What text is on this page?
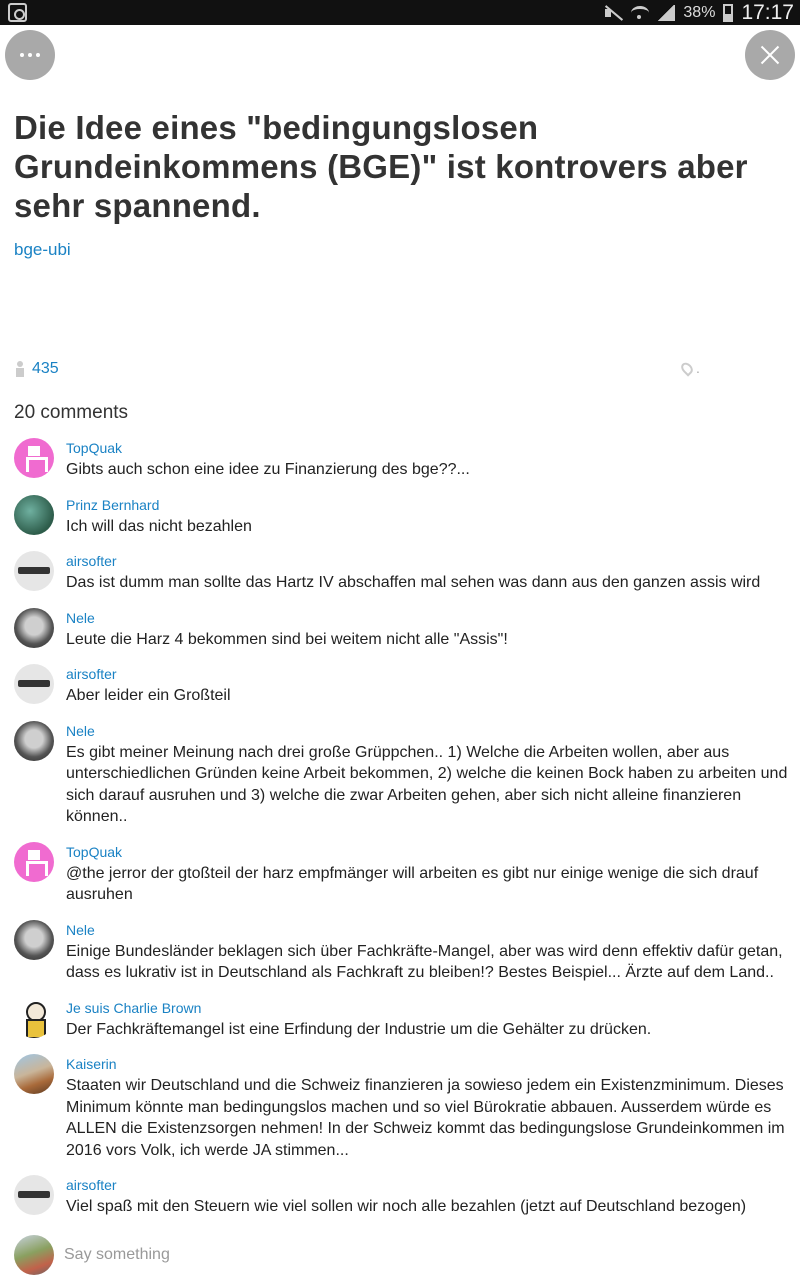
38% 17:17
Die Idee eines "bedingungslosen Grundeinkommens (BGE)" ist kontrovers aber sehr spannend.
bge-ubi
435	.
20 comments
TopQuak
Gibts auch schon eine idee zu Finanzierung des bge??...
Prinz Bernhard
Ich will das nicht bezahlen
airsofter
Das ist dumm man sollte das Hartz IV abschaffen mal sehen was dann aus den ganzen assis wird
Nele
Leute die Harz 4 bekommen sind bei weitem nicht alle "Assis"!
airsofter
Aber leider ein Großteil
Nele
Es gibt meiner Meinung nach drei große Grüppchen.. 1) Welche die Arbeiten wollen, aber aus unterschiedlichen Gründen keine Arbeit bekommen, 2) welche die keinen Bock haben zu arbeiten und sich darauf ausruhen und 3) welche die zwar Arbeiten gehen, aber sich nicht alleine finanzieren können..
TopQuak
@the jerror der gtoßteil der harz empfmänger will arbeiten es gibt nur einige wenige die sich drauf ausruhen
Nele
Einige Bundesländer beklagen sich über Fachkräfte-Mangel, aber was wird denn effektiv dafür getan, dass es lukrativ ist in Deutschland als Fachkraft zu bleiben!? Bestes Beispiel... Ärzte auf dem Land..
Je suis Charlie Brown
Der Fachkräftemangel ist eine Erfindung der Industrie um die Gehälter zu drücken.
Kaiserin
Staaten wir Deutschland und die Schweiz finanzieren ja sowieso jedem ein Existenzminimum. Dieses Minimum könnte man bedingungslos machen und so viel Bürokratie abbauen. Ausserdem würde es ALLEN die Existenzsorgen nehmen! In der Schweiz kommt das bedingungslose Grundeinkommen im 2016 vors Volk, ich werde JA stimmen...
airsofter
Viel spaß mit den Steuern wie viel sollen wir noch alle bezahlen (jetzt auf Deutschland bezogen)
Say something
